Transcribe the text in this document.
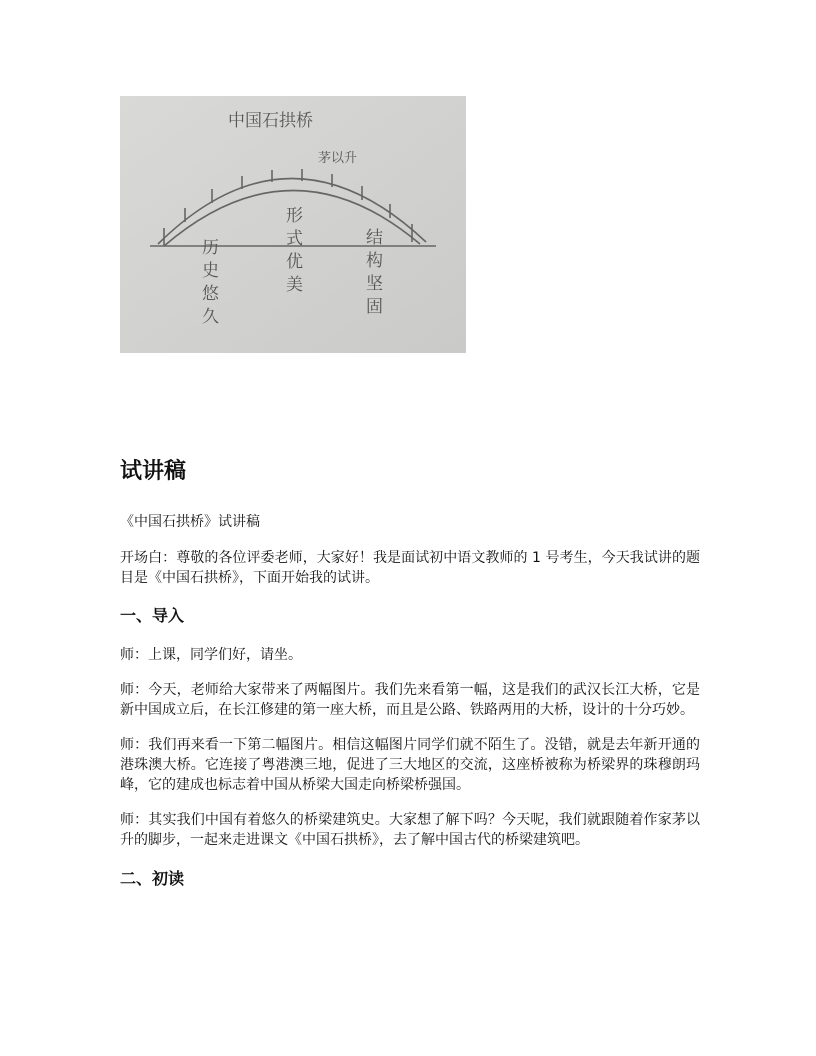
中国石拱桥
茅以升
历史悠久	形式优美	结构坚固
试讲稿

《中国石拱桥》试讲稿

开场白：尊敬的各位评委老师，大家好！我是面试初中语文教师的 1 号考生，今天我试讲的题目是《中国石拱桥》，下面开始我的试讲。

一、导入

师：上课，同学们好，请坐。

师：今天，老师给大家带来了两幅图片。我们先来看第一幅，这是我们的武汉长江大桥，它是新中国成立后，在长江修建的第一座大桥，而且是公路、铁路两用的大桥，设计的十分巧妙。

师：我们再来看一下第二幅图片。相信这幅图片同学们就不陌生了。没错，就是去年新开通的港珠澳大桥。它连接了粤港澳三地，促进了三大地区的交流，这座桥被称为桥梁界的珠穆朗玛峰，它的建成也标志着中国从桥梁大国走向桥梁桥强国。

师：其实我们中国有着悠久的桥梁建筑史。大家想了解下吗？今天呢，我们就跟随着作家茅以升的脚步，一起来走进课文《中国石拱桥》，去了解中国古代的桥梁建筑吧。

二、初读
